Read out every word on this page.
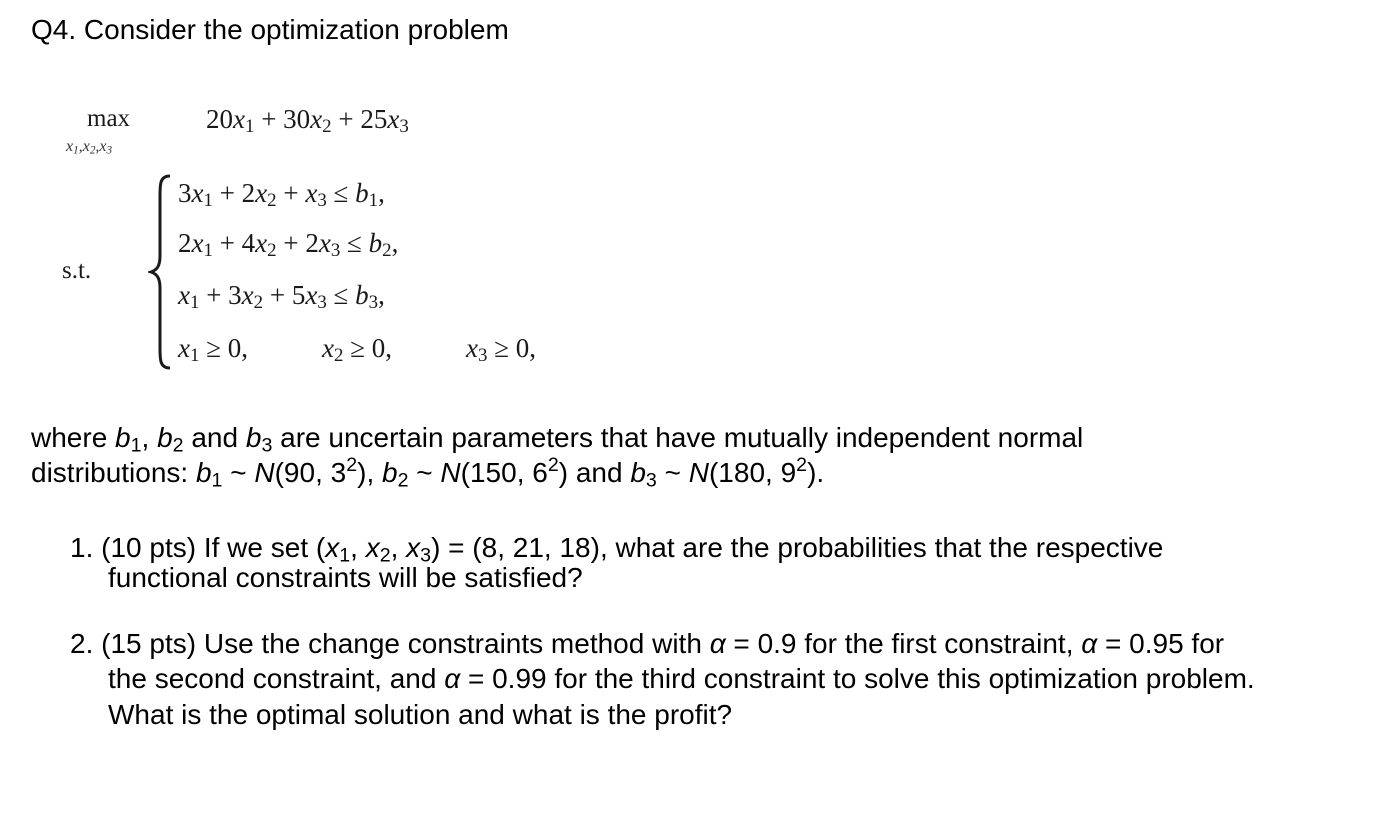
Q4. Consider the optimization problem
max
$x_1,x_2,x_3$
$20x_1 + 30x_2 + 25x_3$
s.t.
$3x_1 + 2x_2 + x_3 \le b_1$,
$2x_1 + 4x_2 + 2x_3 \le b_2$,
$x_1 + 3x_2 + 5x_3 \le b_3$,
$x_1 \ge 0$,	$x_2 \ge 0$,	$x_3 \ge 0$,
where $b_1$, $b_2$ and $b_3$ are uncertain parameters that have mutually independent normal
distributions: $b_1$ ~ N(90, $3^2$), $b_2$ ~ N(150, $6^2$) and $b_3$ ~ N(180, $9^2$).
1. (10 pts) If we set ($x_1$, $x_2$, $x_3) = (8$, 21, 18), what are the probabilities that the respective
functional constraints will be satisfied?
2. (15 pts) Use the change constraints method with α = 0.9 for the first constraint, α = 0.95 for
the second constraint, and α = 0.99 for the third constraint to solve this optimization problem.
What is the optimal solution and what is the profit?
